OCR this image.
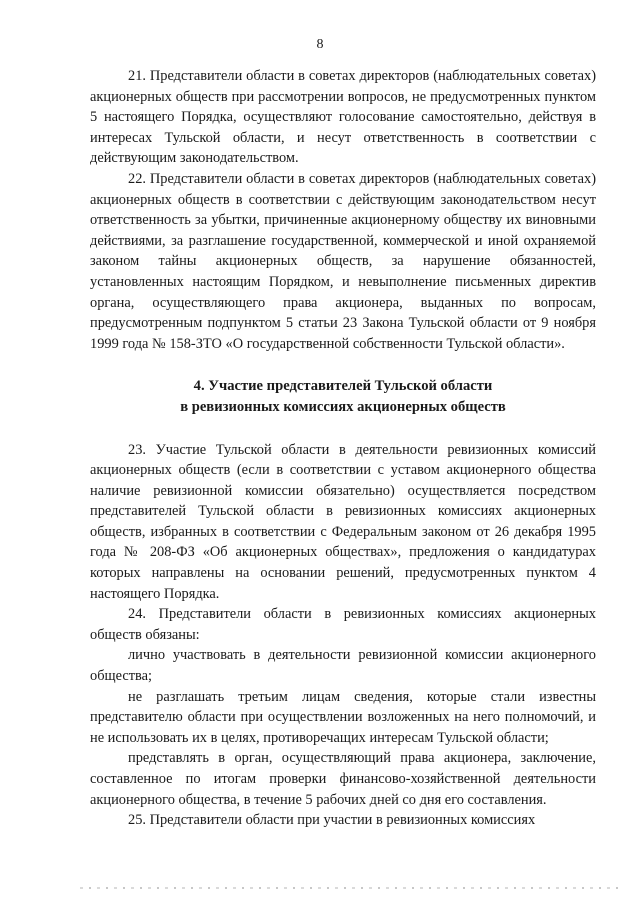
8

21. Представители области в советах директоров (наблюдательных советах) акционерных обществ при рассмотрении вопросов, не предусмотренных пунктом 5 настоящего Порядка, осуществляют голосование самостоятельно, действуя в интересах Тульской области, и несут ответственность в соответствии с действующим законодательством.

22. Представители области в советах директоров (наблюдательных советах) акционерных обществ в соответствии с действующим законодательством несут ответственность за убытки, причиненные акционерному обществу их виновными действиями, за разглашение государственной, коммерческой и иной охраняемой законом тайны акционерных обществ, за нарушение обязанностей, установленных настоящим Порядком, и невыполнение письменных директив органа, осуществляющего права акционера, выданных по вопросам, предусмотренным подпунктом 5 статьи 23 Закона Тульской области от 9 ноября 1999 года № 158-ЗТО «О государственной собственности Тульской области».

4. Участие представителей Тульской области
в ревизионных комиссиях акционерных обществ

23. Участие Тульской области в деятельности ревизионных комиссий акционерных обществ (если в соответствии с уставом акционерного общества наличие ревизионной комиссии обязательно) осуществляется посредством представителей Тульской области в ревизионных комиссиях акционерных обществ, избранных в соответствии с Федеральным законом от 26 декабря 1995 года № 208-ФЗ «Об акционерных обществах», предложения о кандидатурах которых направлены на основании решений, предусмотренных пунктом 4 настоящего Порядка.

24. Представители области в ревизионных комиссиях акционерных обществ обязаны:

лично участвовать в деятельности ревизионной комиссии акционерного общества;

не разглашать третьим лицам сведения, которые стали известны представителю области при осуществлении возложенных на него полномочий, и не использовать их в целях, противоречащих интересам Тульской области;

представлять в орган, осуществляющий права акционера, заключение, составленное по итогам проверки финансово-хозяйственной деятельности акционерного общества, в течение 5 рабочих дней со дня его составления.

25. Представители области при участии в ревизионных комиссиях
